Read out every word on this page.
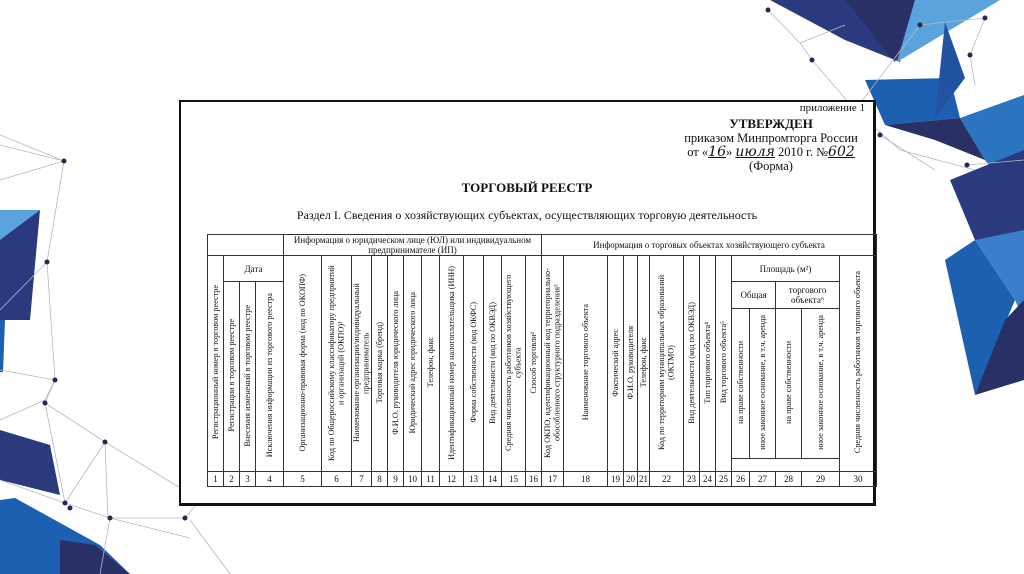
приложение 1
УТВЕРЖДЕН
приказом Минпромторга России
от «16» июля 2010 г. №602
(Форма)
ТОРГОВЫЙ РЕЕСТР
Раздел I. Сведения о хозяйствующих субъектах, осуществляющих торговую деятельность
				Информация о юридическом лице (ЮЛ) или индивидуальном предпринимателе (ИП)												Информация о торговых объектах хозяйствующего субъекта													
Регистрационный номер в торговом реестре	Дата			Организационно-правовая форма (код по ОКОПФ)	Код по Общероссийскому классификатору предприятий и организаций (ОКПО)¹	Наименование организации/индивидуальный предприниматель	Торговая марка (бренд)	Ф.И.О. руководителя юридического лица	Юридический адрес юридического лица	Телефон, факс	Идентификационный номер налогоплательщика (ИНН)	Форма собственности (код ОКФС)	Вид деятельности (код по ОКВЭД)	Средняя численность работников хозяйствующего субъекта	Способ торговли²	Код ОКПО, идентификационный код территориально-обособленного структурного подразделения³	Наименование торгового объекта	Фактический адрес	Ф.И.О. руководителя	Телефон, факс	Код по территориям муниципальных образований (ОКТМО)	Вид деятельности (код по ОКВЭД)	Тип торгового объекта⁴	Вид торгового объекта⁵	Площадь (м²)				Средняя численность работников торгового объекта
	Регистрации в торговом реестре	Внесения изменений в торговом реестре	Исключения информации из торгового реестра																						Общая		торгового объекта⁶		
																									на праве собственности	иное законное основание, в т.ч. аренда	на праве собственности	иное законное основание, в т.ч. аренда	

1	2	3	4	5	6	7	8	9	10	11	12	13	14	15	16	17	18	19	20	21	22	23	24	25	26	27	28	29	30
